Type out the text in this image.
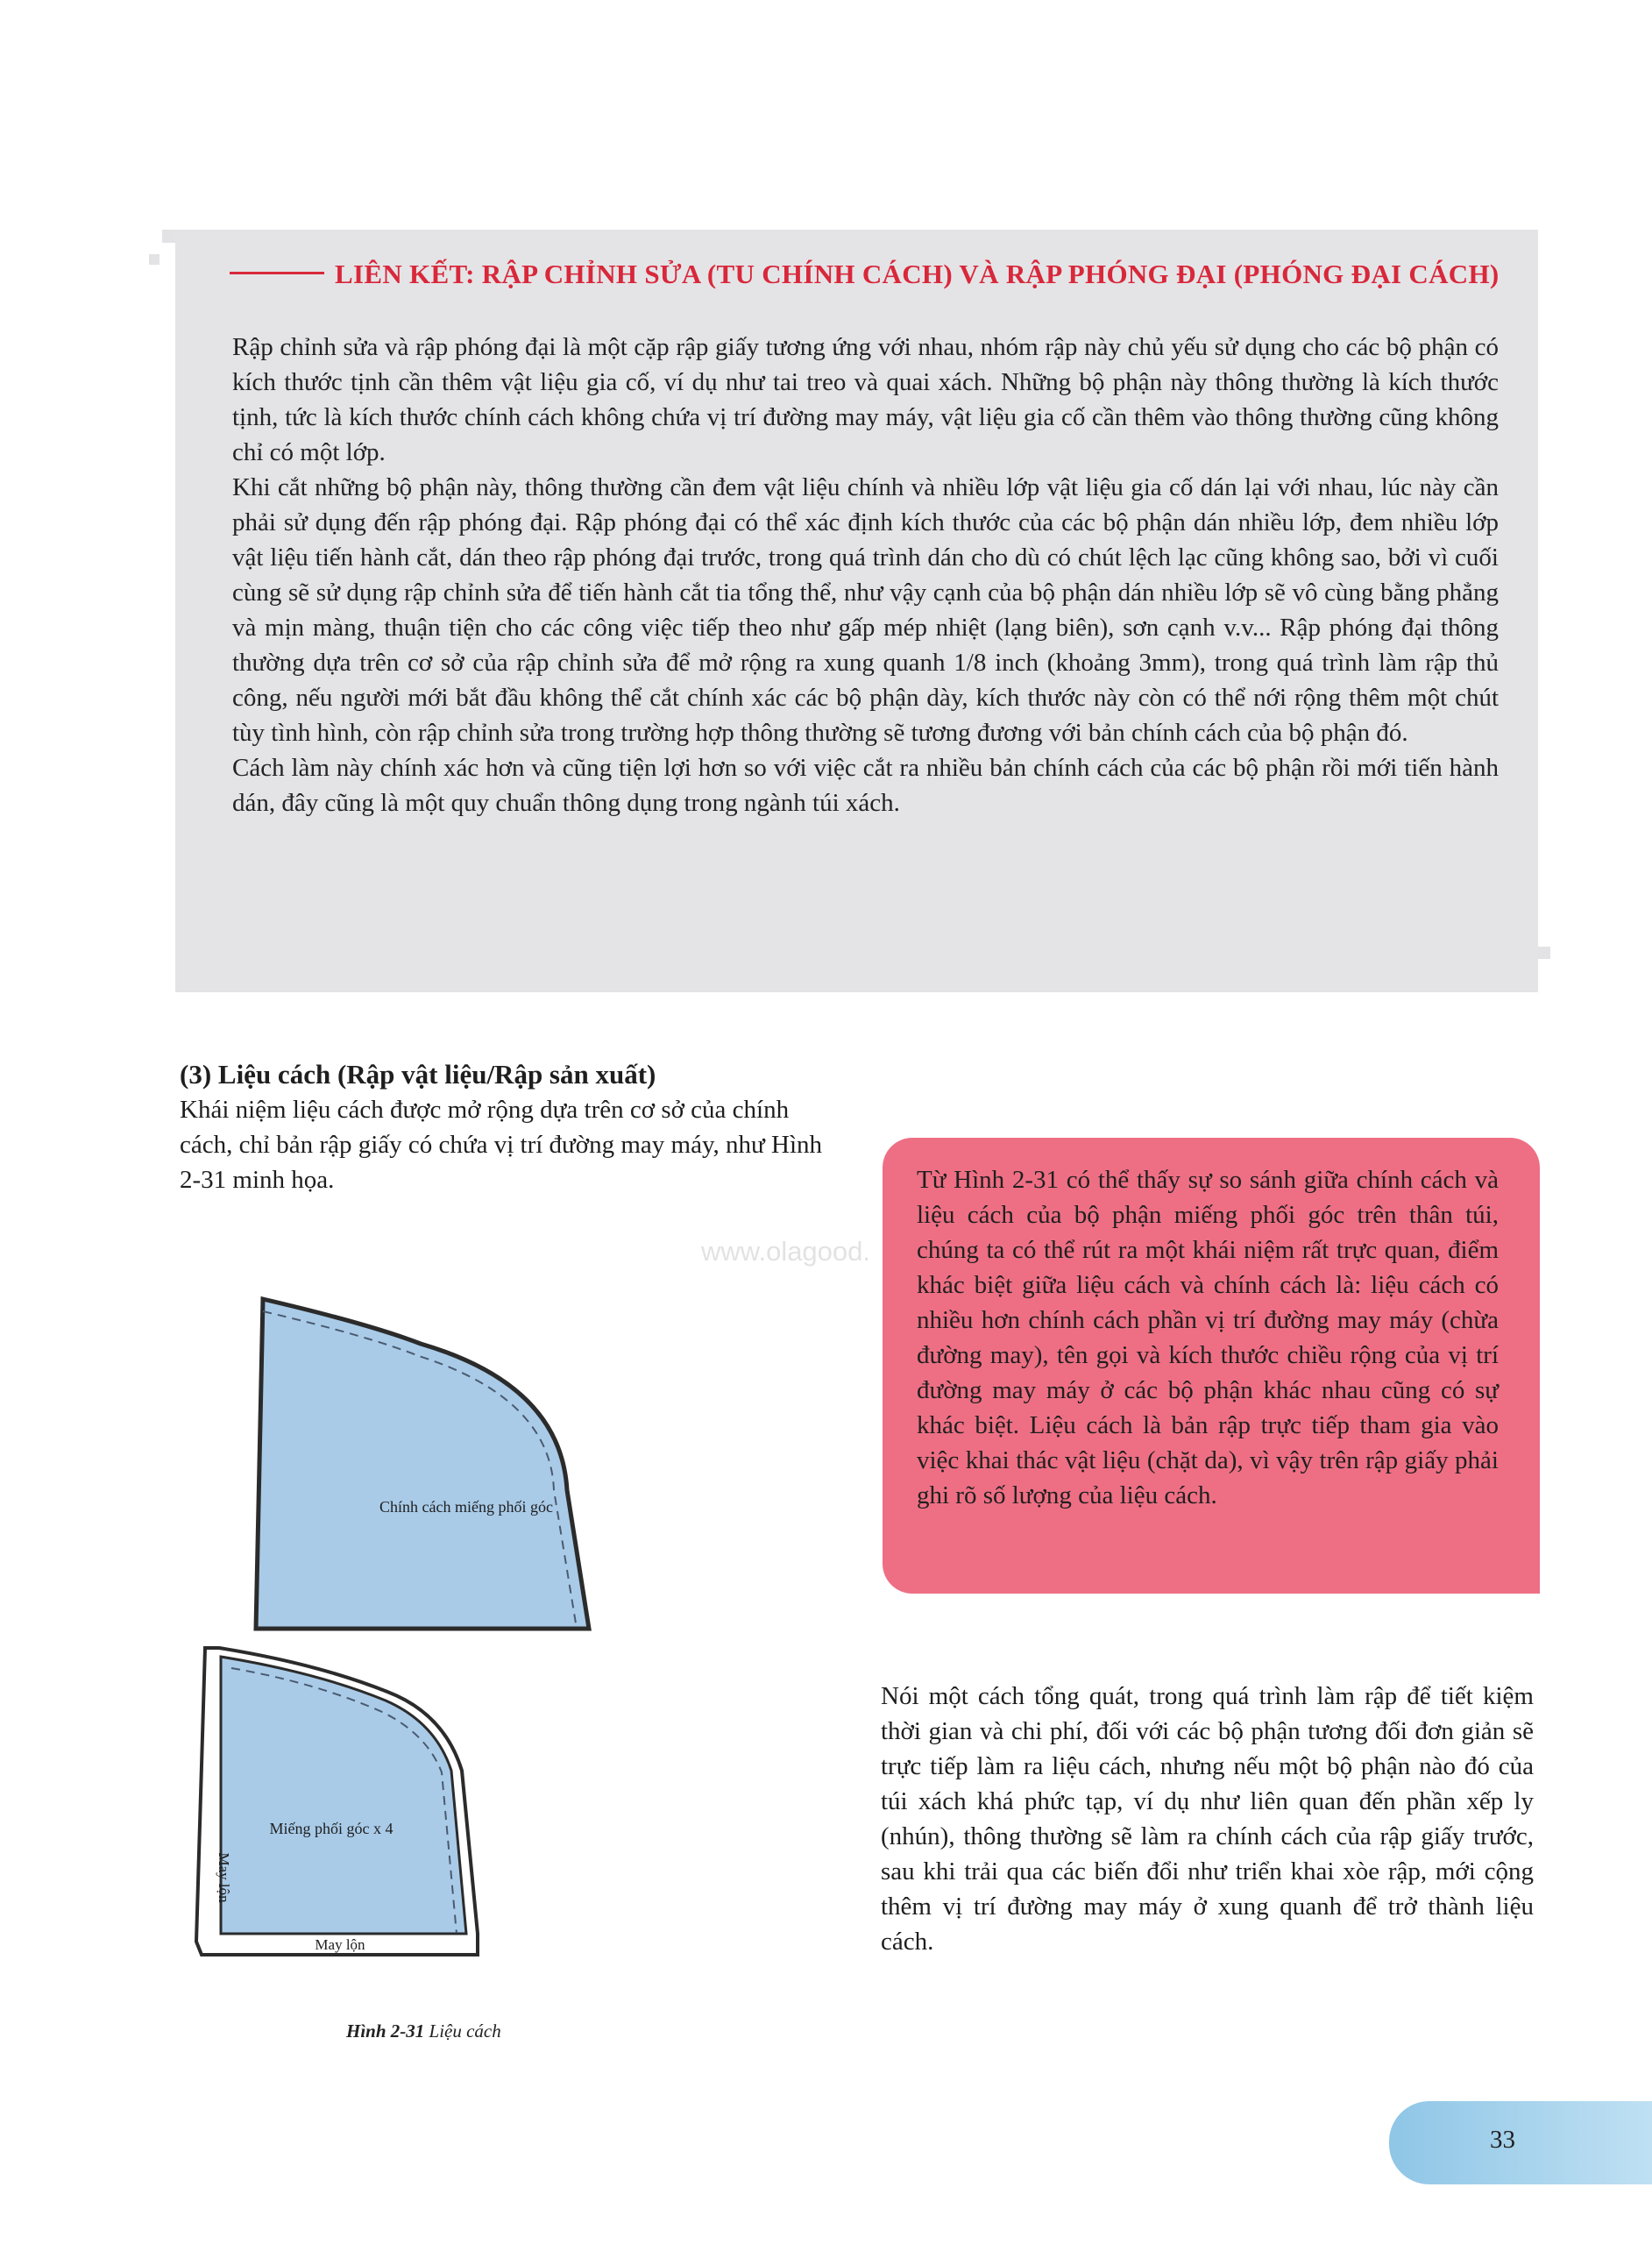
LIÊN KẾT: RẬP CHỈNH SỬA (TU CHÍNH CÁCH) VÀ RẬP PHÓNG ĐẠI (PHÓNG ĐẠI CÁCH)

Rập chỉnh sửa và rập phóng đại là một cặp rập giấy tương ứng với nhau, nhóm rập này chủ yếu sử dụng cho các bộ phận có kích thước tịnh cần thêm vật liệu gia cố, ví dụ như tai treo và quai xách. Những bộ phận này thông thường là kích thước tịnh, tức là kích thước chính cách không chứa vị trí đường may máy, vật liệu gia cố cần thêm vào thông thường cũng không chỉ có một lớp.

Khi cắt những bộ phận này, thông thường cần đem vật liệu chính và nhiều lớp vật liệu gia cố dán lại với nhau, lúc này cần phải sử dụng đến rập phóng đại. Rập phóng đại có thể xác định kích thước của các bộ phận dán nhiều lớp, đem nhiều lớp vật liệu tiến hành cắt, dán theo rập phóng đại trước, trong quá trình dán cho dù có chút lệch lạc cũng không sao, bởi vì cuối cùng sẽ sử dụng rập chỉnh sửa để tiến hành cắt tia tổng thể, như vậy cạnh của bộ phận dán nhiều lớp sẽ vô cùng bằng phẳng và mịn màng, thuận tiện cho các công việc tiếp theo như gấp mép nhiệt (lạng biên), sơn cạnh v.v... Rập phóng đại thông thường dựa trên cơ sở của rập chỉnh sửa để mở rộng ra xung quanh 1/8 inch (khoảng 3mm), trong quá trình làm rập thủ công, nếu người mới bắt đầu không thể cắt chính xác các bộ phận dày, kích thước này còn có thể nới rộng thêm một chút tùy tình hình, còn rập chỉnh sửa trong trường hợp thông thường sẽ tương đương với bản chính cách của bộ phận đó.

Cách làm này chính xác hơn và cũng tiện lợi hơn so với việc cắt ra nhiều bản chính cách của các bộ phận rồi mới tiến hành dán, đây cũng là một quy chuẩn thông dụng trong ngành túi xách.

(3) Liệu cách (Rập vật liệu/Rập sản xuất)

Khái niệm liệu cách được mở rộng dựa trên cơ sở của chính cách, chỉ bản rập giấy có chứa vị trí đường may máy, như Hình 2-31 minh họa.	Từ Hình 2-31 có thể thấy sự so sánh giữa chính cách và liệu cách của bộ phận miếng phối góc trên thân túi, chúng ta có thể rút ra một khái niệm rất trực quan, điểm khác biệt giữa liệu cách và chính cách là: liệu cách có nhiều hơn chính cách phần vị trí đường may máy (chừa đường may), tên gọi và kích thước chiều rộng của vị trí đường may máy ở các bộ phận khác nhau cũng có sự khác biệt. Liệu cách là bản rập trực tiếp tham gia vào việc khai thác vật liệu (chặt da), vì vậy trên rập giấy phải ghi rõ số lượng của liệu cách.

www.olagood.

Nói một cách tổng quát, trong quá trình làm rập để tiết kiệm thời gian và chi phí, đối với các bộ phận tương đối đơn giản sẽ trực tiếp làm ra liệu cách, nhưng nếu một bộ phận nào đó của túi xách khá phức tạp, ví dụ như liên quan đến phần xếp ly (nhún), thông thường sẽ làm ra chính cách của rập giấy trước, sau khi trải qua các biến đổi như triển khai xòe rập, mới cộng thêm vị trí đường may máy ở xung quanh để trở thành liệu cách.

Chính cách miếng phối góc
Miếng phối góc x 4
May lộn
May lộn
Hình 2-31 Liệu cách
33
